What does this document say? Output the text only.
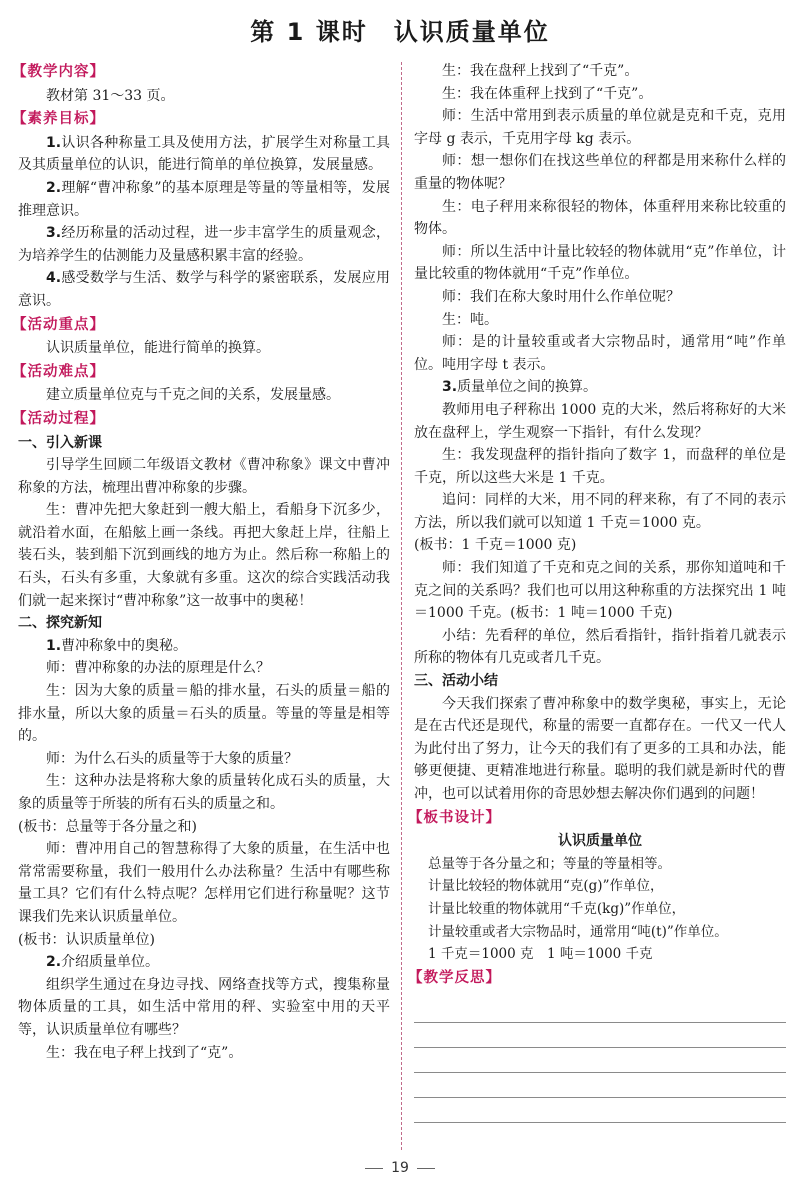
第 1 课时　认识质量单位
【教学内容】

教材第 31～33 页。

【素养目标】

1.认识各种称量工具及使用方法，扩展学生对称量工具及其质量单位的认识，能进行简单的单位换算，发展量感。

2.理解“曹冲称象”的基本原理是等量的等量相等，发展推理意识。

3.经历称量的活动过程，进一步丰富学生的质量观念，为培养学生的估测能力及量感积累丰富的经验。

4.感受数学与生活、数学与科学的紧密联系，发展应用意识。

【活动重点】

认识质量单位，能进行简单的换算。

【活动难点】

建立质量单位克与千克之间的关系，发展量感。

【活动过程】

一、引入新课

引导学生回顾二年级语文教材《曹冲称象》课文中曹冲称象的方法，梳理出曹冲称象的步骤。

生：曹冲先把大象赶到一艘大船上，看船身下沉多少，就沿着水面，在船舷上画一条线。再把大象赶上岸，往船上装石头，装到船下沉到画线的地方为止。然后称一称船上的石头，石头有多重，大象就有多重。这次的综合实践活动我们就一起来探讨“曹冲称象”这一故事中的奥秘！

二、探究新知

1.曹冲称象中的奥秘。

师：曹冲称象的办法的原理是什么？

生：因为大象的质量＝船的排水量，石头的质量＝船的排水量，所以大象的质量＝石头的质量。等量的等量是相等的。

师：为什么石头的质量等于大象的质量？

生：这种办法是将称大象的质量转化成石头的质量，大象的质量等于所装的所有石头的质量之和。

(板书：总量等于各分量之和)

师：曹冲用自己的智慧称得了大象的质量，在生活中也常常需要称量，我们一般用什么办法称量？生活中有哪些称量工具？它们有什么特点呢？怎样用它们进行称量呢？这节课我们先来认识质量单位。

(板书：认识质量单位)

2.介绍质量单位。

组织学生通过在身边寻找、网络查找等方式，搜集称量物体质量的工具，如生活中常用的秤、实验室中用的天平等，认识质量单位有哪些？

生：我在电子秤上找到了“克”。

生：我在盘秤上找到了“千克”。

生：我在体重秤上找到了“千克”。

师：生活中常用到表示质量的单位就是克和千克，克用字母 g 表示，千克用字母 kg 表示。

师：想一想你们在找这些单位的秤都是用来称什么样的重量的物体呢？

生：电子秤用来称很轻的物体，体重秤用来称比较重的物体。

师：所以生活中计量比较轻的物体就用“克”作单位，计量比较重的物体就用“千克”作单位。

师：我们在称大象时用什么作单位呢？

生：吨。

师：是的计量较重或者大宗物品时，通常用“吨”作单位。吨用字母 t 表示。

3.质量单位之间的换算。

教师用电子秤称出 1000 克的大米，然后将称好的大米放在盘秤上，学生观察一下指针，有什么发现？

生：我发现盘秤的指针指向了数字 1，而盘秤的单位是千克，所以这些大米是 1 千克。

追问：同样的大米，用不同的秤来称，有了不同的表示方法，所以我们就可以知道 1 千克＝1000 克。

(板书：1 千克＝1000 克)

师：我们知道了千克和克之间的关系，那你知道吨和千克之间的关系吗？我们也可以用这种称重的方法探究出 1 吨＝1000 千克。(板书：1 吨＝1000 千克)

小结：先看秤的单位，然后看指针，指针指着几就表示所称的物体有几克或者几千克。

三、活动小结

今天我们探索了曹冲称象中的数学奥秘，事实上，无论是在古代还是现代，称量的需要一直都存在。一代又一代人为此付出了努力，让今天的我们有了更多的工具和办法，能够更便捷、更精准地进行称量。聪明的我们就是新时代的曹冲，也可以试着用你的奇思妙想去解决你们遇到的问题！

【板书设计】

认识质量单位

总量等于各分量之和；等量的等量相等。

计量比较轻的物体就用“克(g)”作单位，

计量比较重的物体就用“千克(kg)”作单位，

计量较重或者大宗物品时，通常用“吨(t)”作单位。

1 千克＝1000 克　1 吨＝1000 千克

【教学反思】
19
